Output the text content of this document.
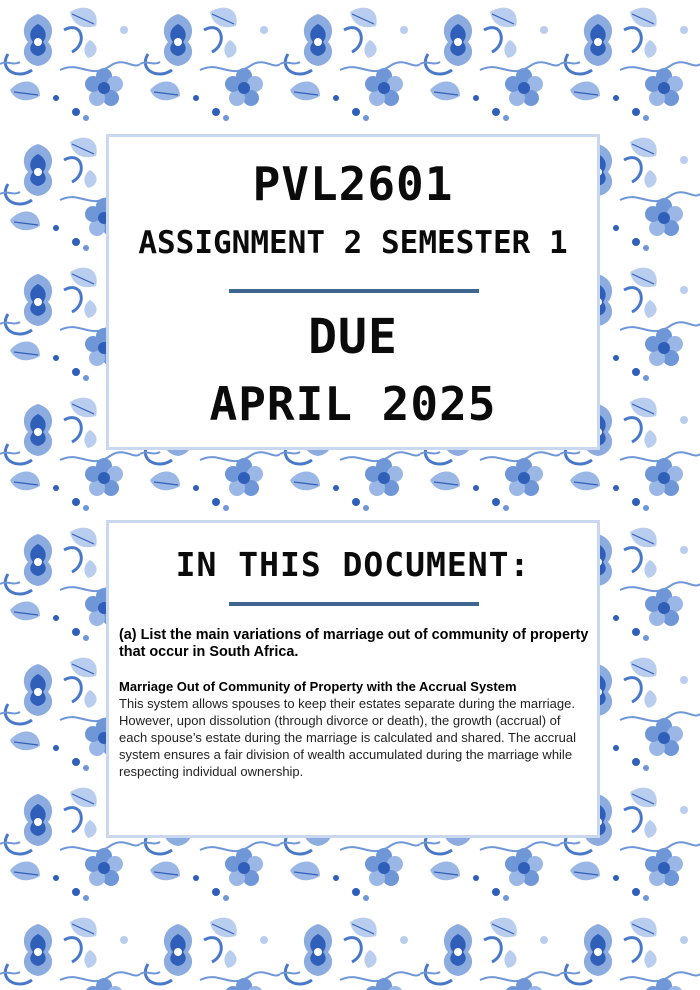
PVL2601
ASSIGNMENT 2 SEMESTER 1
DUE
APRIL 2025
IN THIS DOCUMENT:

(a) List the main variations of marriage out of community of property that occur in South Africa.

Marriage Out of Community of Property with the Accrual System

This system allows spouses to keep their estates separate during the marriage. However, upon dissolution (through divorce or death), the growth (accrual) of each spouse’s estate during the marriage is calculated and shared. The accrual system ensures a fair division of wealth accumulated during the marriage while respecting individual ownership.
